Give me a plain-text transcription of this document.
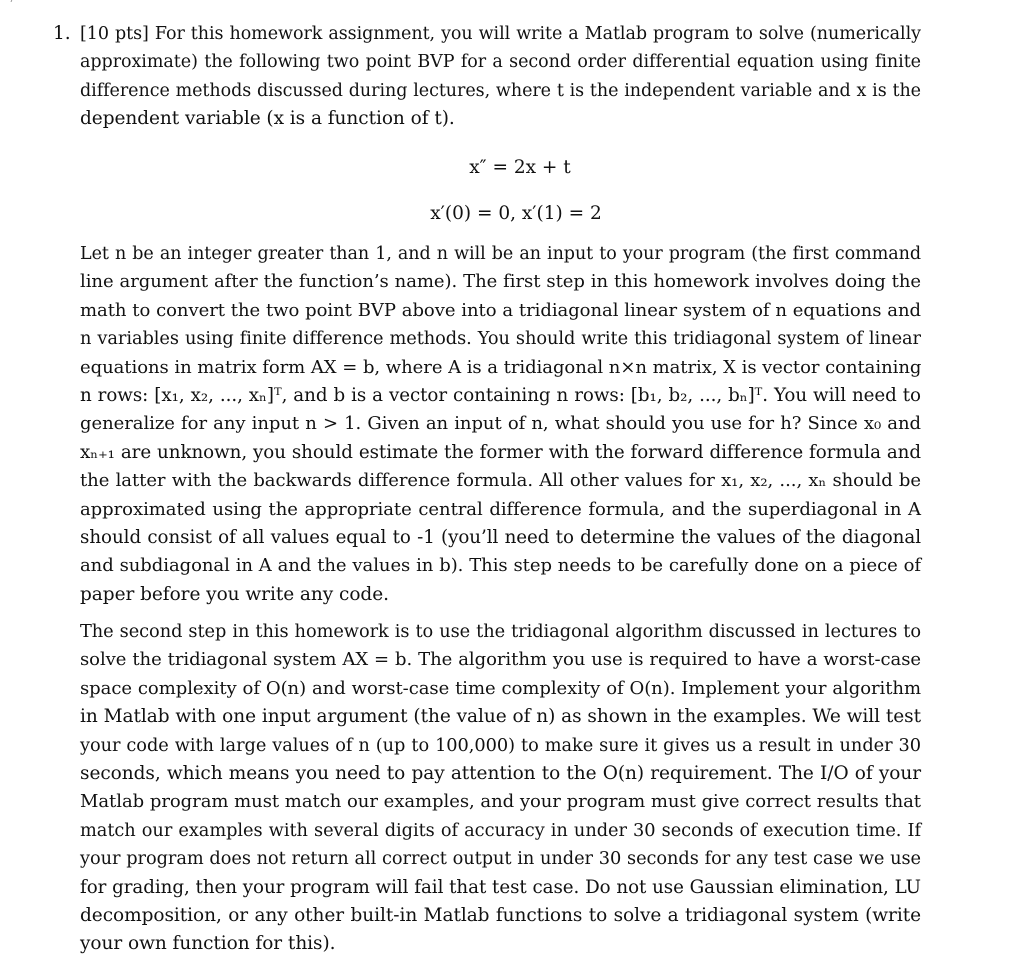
1. [10 pts] For this homework assignment, you will write a Matlab program to solve (numerically
approximate) the following two point BVP for a second order differential equation using finite
difference methods discussed during lectures, where t is the independent variable and x is the
dependent variable (x is a function of t).
x″ = 2x + t
x′(0) = 0, x′(1) = 2
Let n be an integer greater than 1, and n will be an input to your program (the first command
line argument after the function’s name). The first step in this homework involves doing the
math to convert the two point BVP above into a tridiagonal linear system of n equations and
n variables using finite difference methods. You should write this tridiagonal system of linear
equations in matrix form AX = b, where A is a tridiagonal n×n matrix, X is vector containing
n rows: [x₁, x₂, ..., xₙ]ᵀ, and b is a vector containing n rows: [b₁, b₂, ..., bₙ]ᵀ. You will need to
generalize for any input n > 1. Given an input of n, what should you use for h? Since x₀ and
xₙ₊₁ are unknown, you should estimate the former with the forward difference formula and
the latter with the backwards difference formula. All other values for x₁, x₂, ..., xₙ should be
approximated using the appropriate central difference formula, and the superdiagonal in A
should consist of all values equal to -1 (you’ll need to determine the values of the diagonal
and subdiagonal in A and the values in b). This step needs to be carefully done on a piece of
paper before you write any code.
The second step in this homework is to use the tridiagonal algorithm discussed in lectures to
solve the tridiagonal system AX = b. The algorithm you use is required to have a worst-case
space complexity of O(n) and worst-case time complexity of O(n). Implement your algorithm
in Matlab with one input argument (the value of n) as shown in the examples. We will test
your code with large values of n (up to 100,000) to make sure it gives us a result in under 30
seconds, which means you need to pay attention to the O(n) requirement. The I/O of your
Matlab program must match our examples, and your program must give correct results that
match our examples with several digits of accuracy in under 30 seconds of execution time. If
your program does not return all correct output in under 30 seconds for any test case we use
for grading, then your program will fail that test case. Do not use Gaussian elimination, LU
decomposition, or any other built-in Matlab functions to solve a tridiagonal system (write
your own function for this).
